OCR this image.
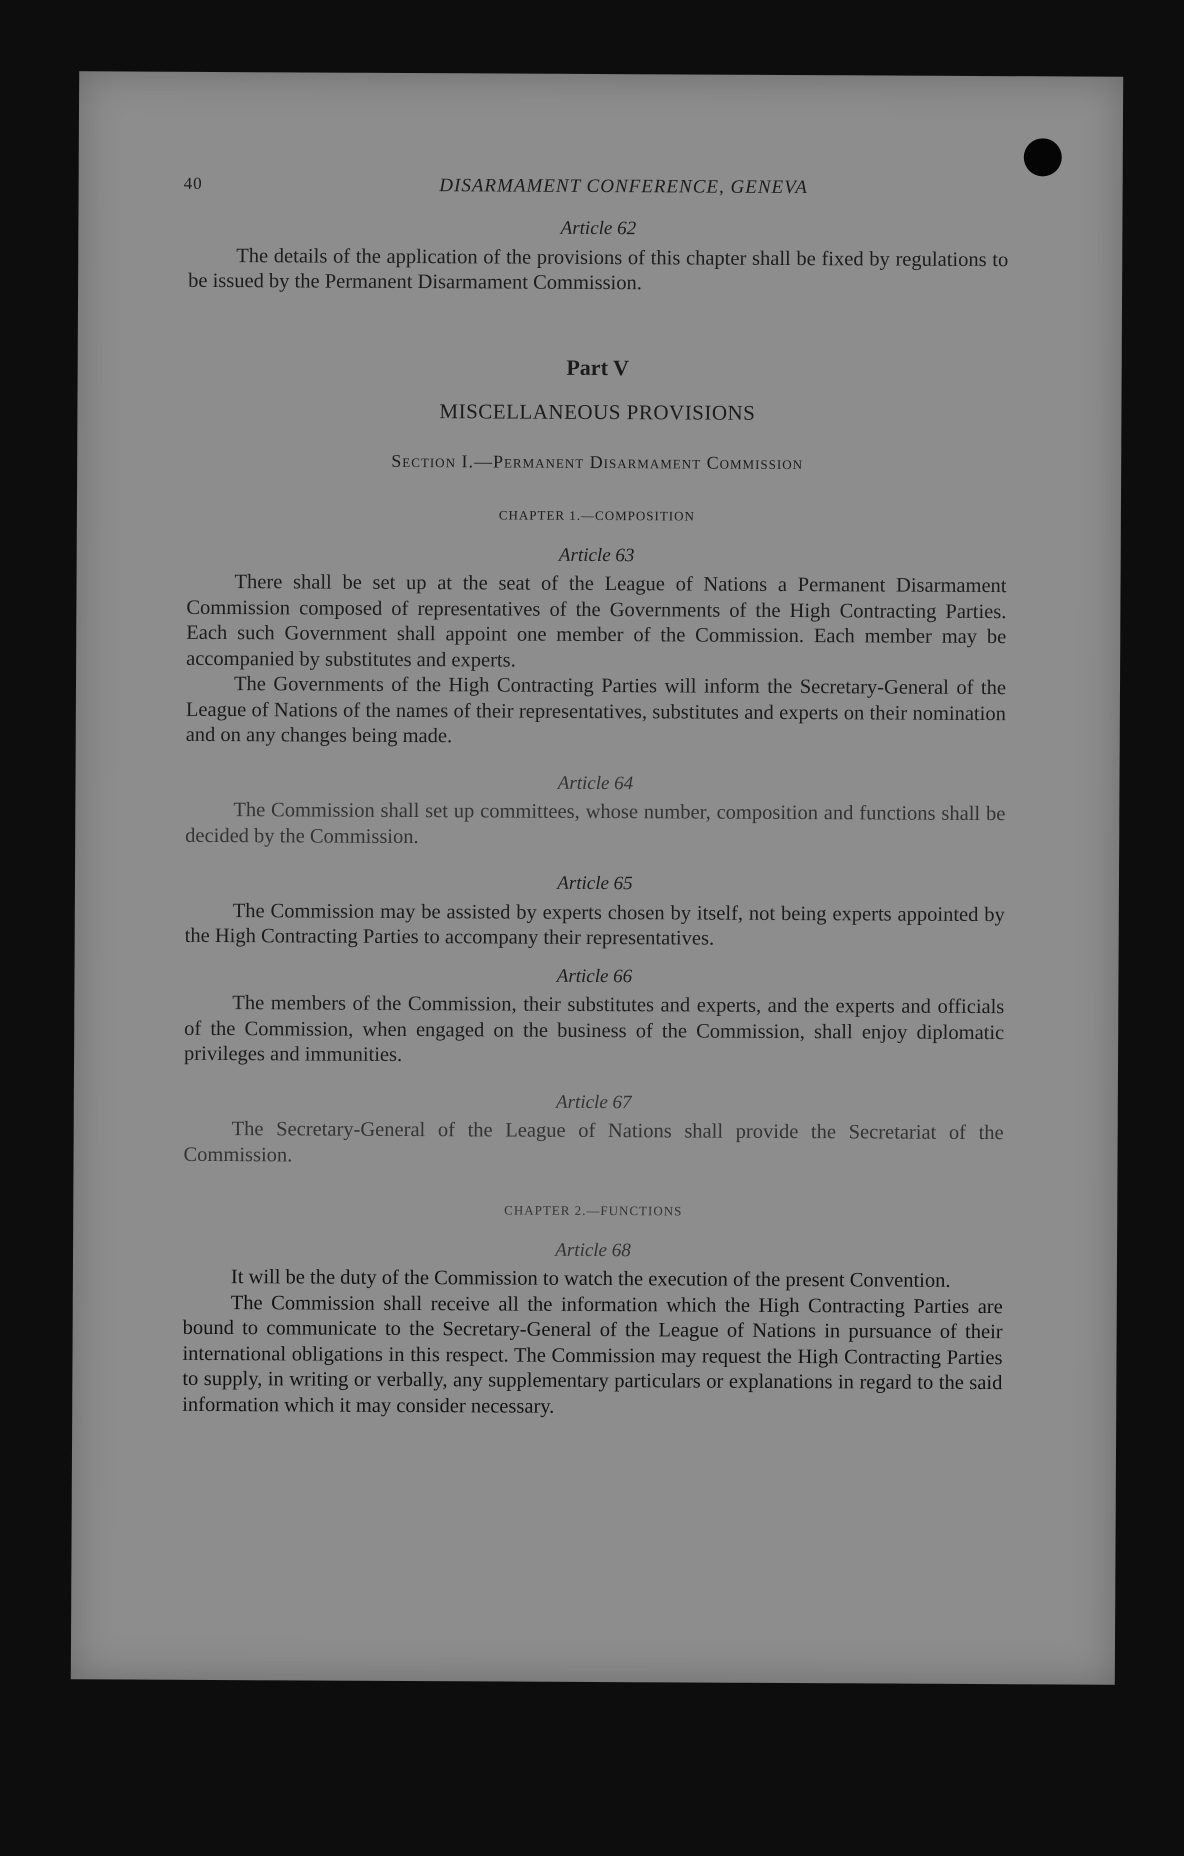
40	DISARMAMENT CONFERENCE, GENEVA

Article 62

The details of the application of the provisions of this chapter shall be fixed by regulations to be issued by the Permanent Disarmament Commission.

Part V
MISCELLANEOUS PROVISIONS
Section I.—Permanent Disarmament Commission
CHAPTER 1.—COMPOSITION

Article 63

There shall be set up at the seat of the League of Nations a Permanent Disarmament Commission composed of representatives of the Governments of the High Contracting Parties. Each such Government shall appoint one member of the Commission. Each member may be accompanied by substitutes and experts.

The Governments of the High Contracting Parties will inform the Secretary-General of the League of Nations of the names of their representatives, substitutes and experts on their nomination and on any changes being made.

Article 64

The Commission shall set up committees, whose number, composition and functions shall be decided by the Commission.

Article 65

The Commission may be assisted by experts chosen by itself, not being experts appointed by the High Contracting Parties to accompany their representatives.

Article 66

The members of the Commission, their substitutes and experts, and the experts and officials of the Commission, when engaged on the business of the Commission, shall enjoy diplomatic privileges and immunities.

Article 67

The Secretary-General of the League of Nations shall provide the Secretariat of the Commission.

CHAPTER 2.—FUNCTIONS

Article 68

It will be the duty of the Commission to watch the execution of the present Convention.

The Commission shall receive all the information which the High Contracting Parties are bound to communicate to the Secretary-General of the League of Nations in pursuance of their international obligations in this respect. The Commission may request the High Contracting Parties to supply, in writing or verbally, any supplementary particulars or explanations in regard to the said information which it may consider necessary.
